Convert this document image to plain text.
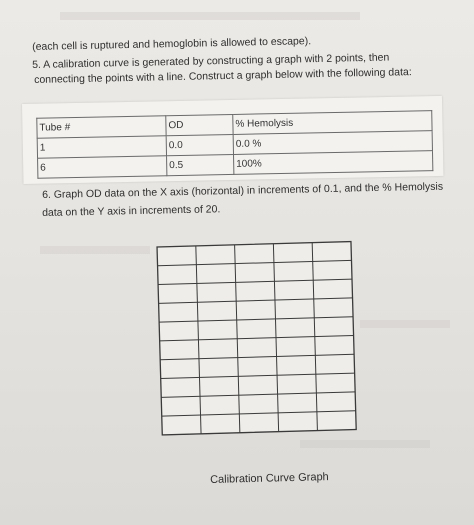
(each cell is ruptured and hemoglobin is allowed to escape).
5. A calibration curve is generated by constructing a graph with 2 points, then
connecting the points with a line. Construct a graph below with the following data:
Tube #	OD	% Hemolysis
1	0.0	0.0 %
6	0.5	100%
6. Graph OD data on the X axis (horizontal) in increments of 0.1, and the % Hemolysis
data on the Y axis in increments of 20.
Calibration Curve Graph
